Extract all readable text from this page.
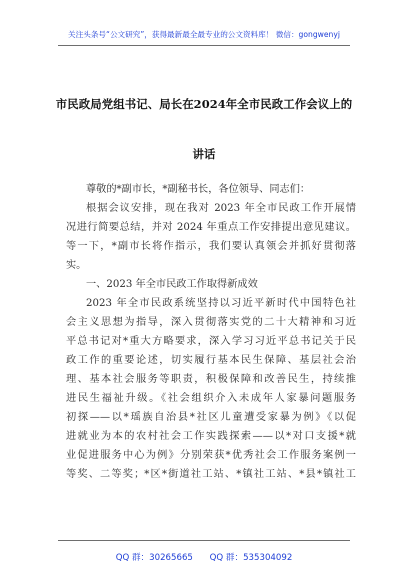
关注头条号“公文研究”，获得最新最全最专业的公文资料库！ 微信：gongwenyj
市民政局党组书记、局长在2024年全市民政工作会议上的
讲话
尊敬的*副市长，*副秘书长，各位领导、同志们：
根据会议安排，现在我对 2023 年全市民政工作开展情
况进行简要总结，并对 2024 年重点工作安排提出意见建议。
等一下，*副市长将作指示，我们要认真领会并抓好贯彻落
实。
一、2023 年全市民政工作取得新成效
2023 年全市民政系统坚持以习近平新时代中国特色社
会主义思想为指导，深入贯彻落实党的二十大精神和习近
平总书记对*重大方略要求，深入学习习近平总书记关于民
政工作的重要论述，切实履行基本民生保障、基层社会治
理、基本社会服务等职责，积极保障和改善民生，持续推
进民生福祉升级。《社会组织介入未成年人家暴问题服务
初探——以*瑶族自治县*社区儿童遭受家暴为例》《以促
进就业为本的农村社会工作实践探索——以*对口支援*就
业促进服务中心为例》分别荣获*优秀社会工作服务案例一
等奖、二等奖；*区*街道社工站、*镇社工站、*县*镇社工
QQ 群：30265665 QQ 群：535304092
